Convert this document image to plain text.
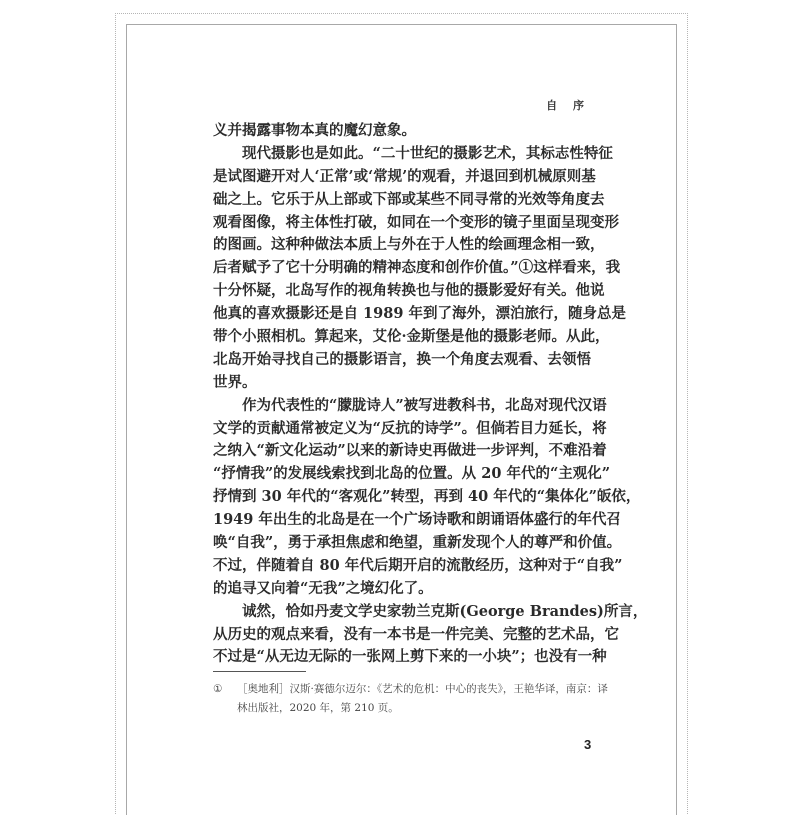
自 序
义并揭露事物本真的魔幻意象。
现代摄影也是如此。“二十世纪的摄影艺术，其标志性特征
是试图避开对人‘正常’或‘常规’的观看，并退回到机械原则基
础之上。它乐于从上部或下部或某些不同寻常的光效等角度去
观看图像，将主体性打破，如同在一个变形的镜子里面呈现变形
的图画。这种种做法本质上与外在于人性的绘画理念相一致，
后者赋予了它十分明确的精神态度和创作价值。”①这样看来，我
十分怀疑，北岛写作的视角转换也与他的摄影爱好有关。他说
他真的喜欢摄影还是自 1989 年到了海外，漂泊旅行，随身总是
带个小照相机。算起来，艾伦·金斯堡是他的摄影老师。从此，
北岛开始寻找自己的摄影语言，换一个角度去观看、去领悟
世界。
作为代表性的“朦胧诗人”被写进教科书，北岛对现代汉语
文学的贡献通常被定义为“反抗的诗学”。但倘若目力延长，将
之纳入“新文化运动”以来的新诗史再做进一步评判，不难沿着
“抒情我”的发展线索找到北岛的位置。从 20 年代的“主观化”
抒情到 30 年代的“客观化”转型，再到 40 年代的“集体化”皈依，
1949 年出生的北岛是在一个广场诗歌和朗诵语体盛行的年代召
唤“自我”，勇于承担焦虑和绝望，重新发现个人的尊严和价值。
不过，伴随着自 80 年代后期开启的流散经历，这种对于“自我”
的追寻又向着“无我”之境幻化了。
诚然，恰如丹麦文学史家勃兰克斯(George Brandes)所言，
从历史的观点来看，没有一本书是一件完美、完整的艺术品，它
不过是“从无边无际的一张网上剪下来的一小块”；也没有一种
① ［奥地利］汉斯·赛德尔迈尔：《艺术的危机：中心的丧失》，王艳华译，南京：译
林出版社，2020 年，第 210 页。
3
